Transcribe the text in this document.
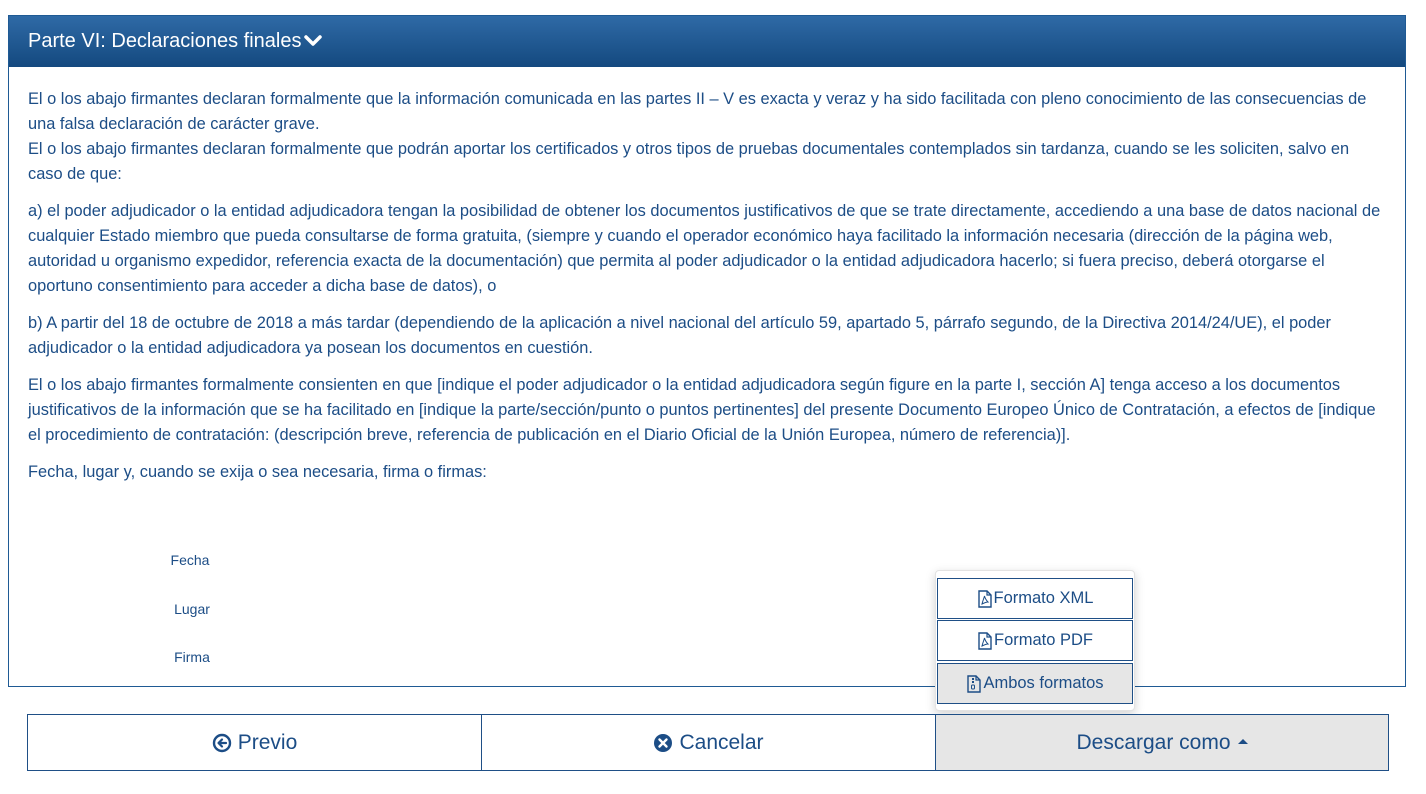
Parte VI: Declaraciones finales

El o los abajo firmantes declaran formalmente que la información comunicada en las partes II – V es exacta y veraz y ha sido facilitada con pleno conocimiento de las consecuencias de una falsa declaración de carácter grave.

El o los abajo firmantes declaran formalmente que podrán aportar los certificados y otros tipos de pruebas documentales contemplados sin tardanza, cuando se les soliciten, salvo en caso de que:

a) el poder adjudicador o la entidad adjudicadora tengan la posibilidad de obtener los documentos justificativos de que se trate directamente, accediendo a una base de datos nacional de cualquier Estado miembro que pueda consultarse de forma gratuita, (siempre y cuando el operador económico haya facilitado la información necesaria (dirección de la página web, autoridad u organismo expedidor, referencia exacta de la documentación) que permita al poder adjudicador o la entidad adjudicadora hacerlo; si fuera preciso, deberá otorgarse el oportuno consentimiento para acceder a dicha base de datos), o

b) A partir del 18 de octubre de 2018 a más tardar (dependiendo de la aplicación a nivel nacional del artículo 59, apartado 5, párrafo segundo, de la Directiva 2014/24/UE), el poder adjudicador o la entidad adjudicadora ya posean los documentos en cuestión.

El o los abajo firmantes formalmente consienten en que [indique el poder adjudicador o la entidad adjudicadora según figure en la parte I, sección A] tenga acceso a los documentos justificativos de la información que se ha facilitado en [indique la parte/sección/punto o puntos pertinentes] del presente Documento Europeo Único de Contratación, a efectos de [indique el procedimiento de contratación: (descripción breve, referencia de publicación en el Diario Oficial de la Unión Europea, número de referencia)].

Fecha, lugar y, cuando se exija o sea necesaria, firma o firmas:

Fecha
Lugar
Firma
Formato XML
Formato PDF
Ambos formatos
Previo	Cancelar	Descargar como
